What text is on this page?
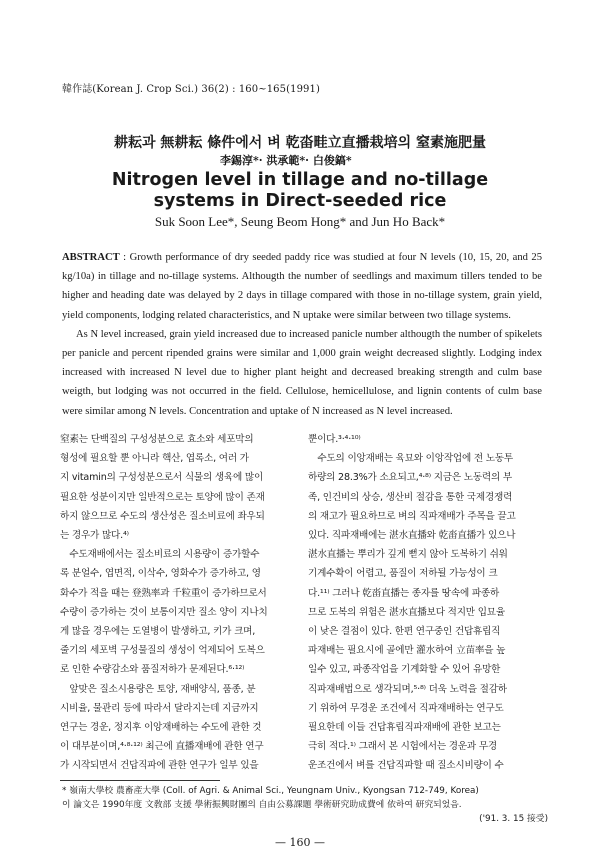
韓作誌(Korean J. Crop Sci.) 36(2) : 160~165(1991)
耕耘과 無耕耘 條件에서 벼 乾畓畦立直播栽培의 窒素施肥量
李錫淳*· 洪承範*· 白俊鎬*
Nitrogen level in tillage and no-tillage
systems in Direct-seeded rice
Suk Soon Lee*, Seung Beom Hong* and Jun Ho Back*

ABSTRACT : Growth performance of dry seeded paddy rice was studied at four N levels (10, 15, 20, and 25 kg/10a) in tillage and no-tillage systems. Althougth the number of seedlings and maximum tillers tended to be higher and heading date was delayed by 2 days in tillage compared with those in no-tillage system, grain yield, yield components, lodging related characteristics, and N uptake were similar between two tillage systems.

As N level increased, grain yield increased due to increased panicle number althougth the number of spikelets per panicle and percent ripended grains were similar and 1,000 grain weight decreased slightly. Lodging index increased with increased N level due to higher plant height and decreased breaking strength and culm base weigth, but lodging was not occurred in the field. Cellulose, hemicellulose, and lignin contents of culm base were similar among N levels. Concentration and uptake of N increased as N level increased.

窒素는 단백질의 구성성분으로 효소와 세포막의
형성에 필요할 뿐 아니라 핵산, 엽록소, 여러 가
지 vitamin의 구성성분으로서 식물의 생육에 많이
필요한 성분이지만 일반적으로는 토양에 많이 존재
하지 않으므로 수도의 생산성은 질소비료에 좌우되
는 경우가 많다.⁴⁾
　수도재배에서는 질소비료의 시용량이 증가할수
록 분얼수, 엽면적, 이삭수, 영화수가 증가하고, 영
화수가 적을 때는 登熟率과 千粒重이 증가하므로서
수량이 증가하는 것이 보통이지만 질소 양이 지나치
게 많을 경우에는 도열병이 발생하고, 키가 크며,
줄기의 세포벽 구성물질의 생성이 억제되어 도복으
로 인한 수량감소와 품질저하가 문제된다.⁶·¹²⁾
　앞맞은 질소시용량은 토양, 재배양식, 품종, 분
시비율, 물관리 등에 따라서 달라지는데 지금까지
연구는 경운, 정지후 이앙재배하는 수도에 관한 것
이 대부분이며,⁴·⁸·¹²⁾ 최근에 直播재배에 관한 연구
가 시작되면서 건답직파에 관한 연구가 일부 있을
뿐이다.³·⁴·¹⁰⁾
　수도의 이앙재배는 육묘와 이앙작업에 전 노동투
하량의 28.3%가 소요되고,⁴·⁸⁾ 지금은 노동력의 부
족, 인건비의 상승, 생산비 절감을 통한 국제경쟁력
의 재고가 필요하므로 벼의 직파재배가 주목을 끌고
있다. 직파재배에는 湛水直播와 乾畓直播가 있으나
湛水直播는 뿌리가 깊게 뻗지 않아 도복하기 쉬워
기계수확이 어렵고, 품질이 저하될 가능성이 크
다.¹¹⁾ 그러나 乾畓直播는 종자를 땅속에 파종하
므로 도복의 위험은 湛水直播보다 적지만 입묘율
이 낮은 결점이 있다. 한편 연구중인 건답휴립직
파재배는 필요시에 골에만 灌水하여 立苗率을 높
일수 있고, 파종작업을 기계화할 수 있어 유망한
직파재배법으로 생각되며,⁵·⁸⁾ 더욱 노력을 절감하
기 위하여 무경운 조건에서 직파재배하는 연구도
필요한데 이들 건답휴립직파재배에 관한 보고는
극히 적다.¹⁾ 그래서 본 시험에서는 경운과 무경
운조건에서 벼를 건답직파할 때 질소시비량이 수
* 嶺南大學校 農畜產大學 (Coll. of Agri. & Animal Sci., Yeungnam Univ., Kyongsan 712-749, Korea)
이 論文은 1990年度 文敎部 支援 學術振興財團의 自由公募課題 學術研究助成費에 依하여 研究되었음.
('91. 3. 15 接受)
— 160 —
